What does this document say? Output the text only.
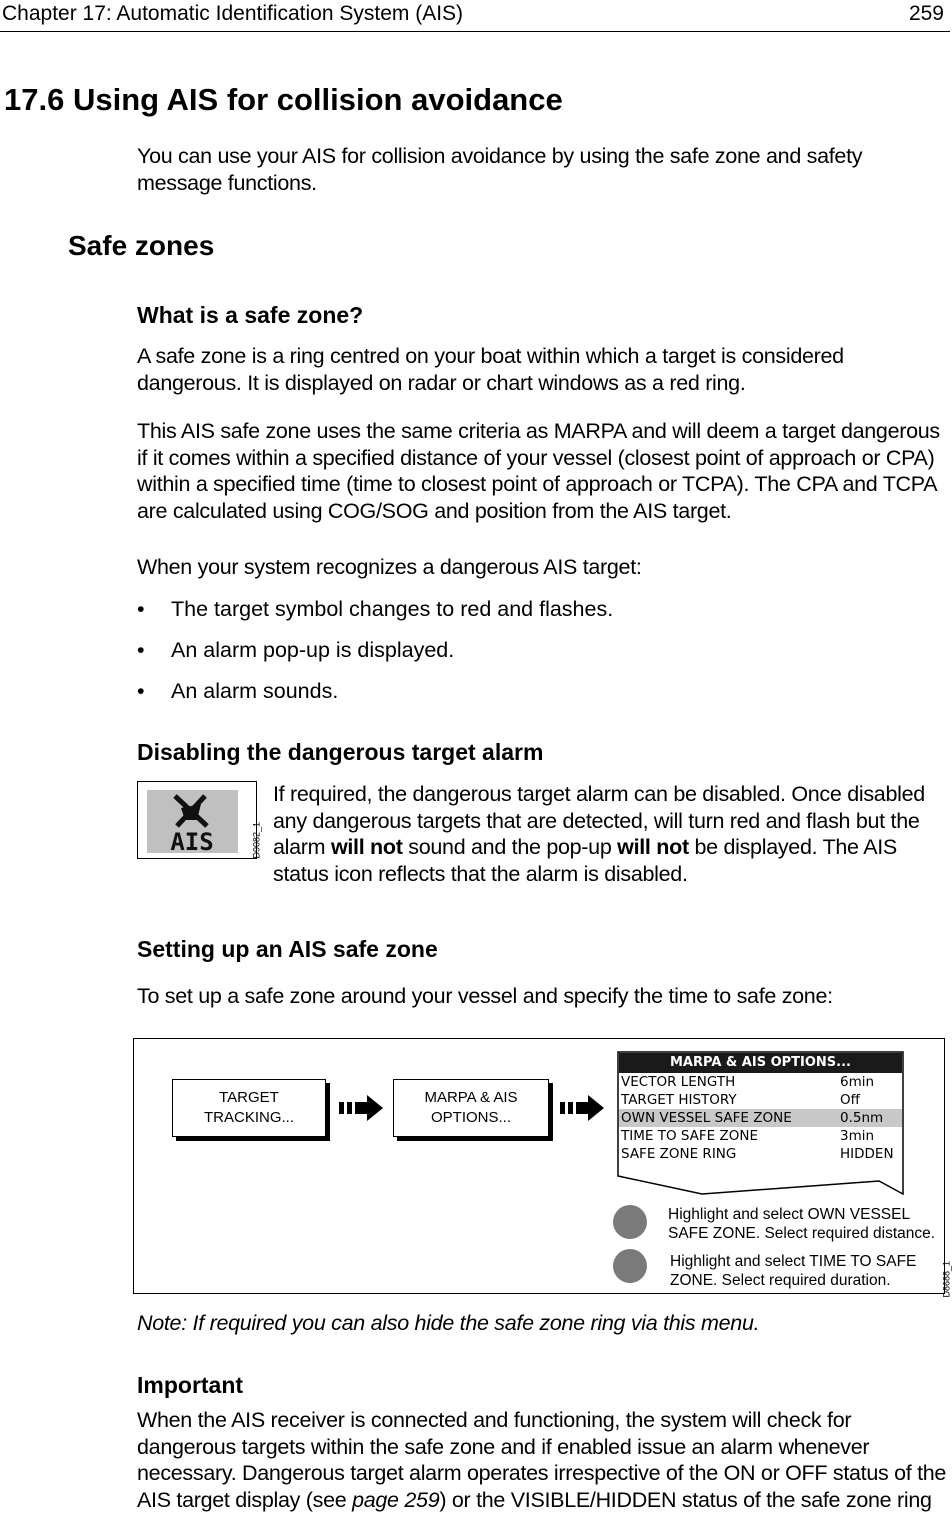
Chapter 17: Automatic Identification System (AIS)	259
17.6 Using AIS for collision avoidance
You can use your AIS for collision avoidance by using the safe zone and safety message functions.
Safe zones
What is a safe zone?
A safe zone is a ring centred on your boat within which a target is considered dangerous. It is displayed on radar or chart windows as a red ring.
This AIS safe zone uses the same criteria as MARPA and will deem a target dangerous if it comes within a specified distance of your vessel (closest point of approach or CPA) within a specified time (time to closest point of approach or TCPA). The CPA and TCPA are calculated using COG/SOG and position from the AIS target.
When your system recognizes a dangerous AIS target:
• The target symbol changes to red and flashes.
• An alarm pop-up is displayed.
• An alarm sounds.
Disabling the dangerous target alarm
AIS	D9082_1
If required, the dangerous target alarm can be disabled. Once disabled any dangerous targets that are detected, will turn red and flash but the alarm will not sound and the pop-up will not be displayed. The AIS status icon reflects that the alarm is disabled.
Setting up an AIS safe zone
To set up a safe zone around your vessel and specify the time to safe zone:
TARGET
TRACKING...
MARPA & AIS
OPTIONS...
MARPA & AIS OPTIONS...
VECTOR LENGTH	6min
TARGET HISTORY	Off
OWN VESSEL SAFE ZONE	0.5nm
TIME TO SAFE ZONE	3min
SAFE ZONE RING	HIDDEN
Highlight and select OWN VESSEL SAFE ZONE. Select required distance.
Highlight and select TIME TO SAFE ZONE. Select required duration.	D8688_1
Note: If required you can also hide the safe zone ring via this menu.
Important
When the AIS receiver is connected and functioning, the system will check for dangerous targets within the safe zone and if enabled issue an alarm whenever necessary. Dangerous target alarm operates irrespective of the ON or OFF status of the AIS target display (see page 259) or the VISIBLE/HIDDEN status of the safe zone ring
